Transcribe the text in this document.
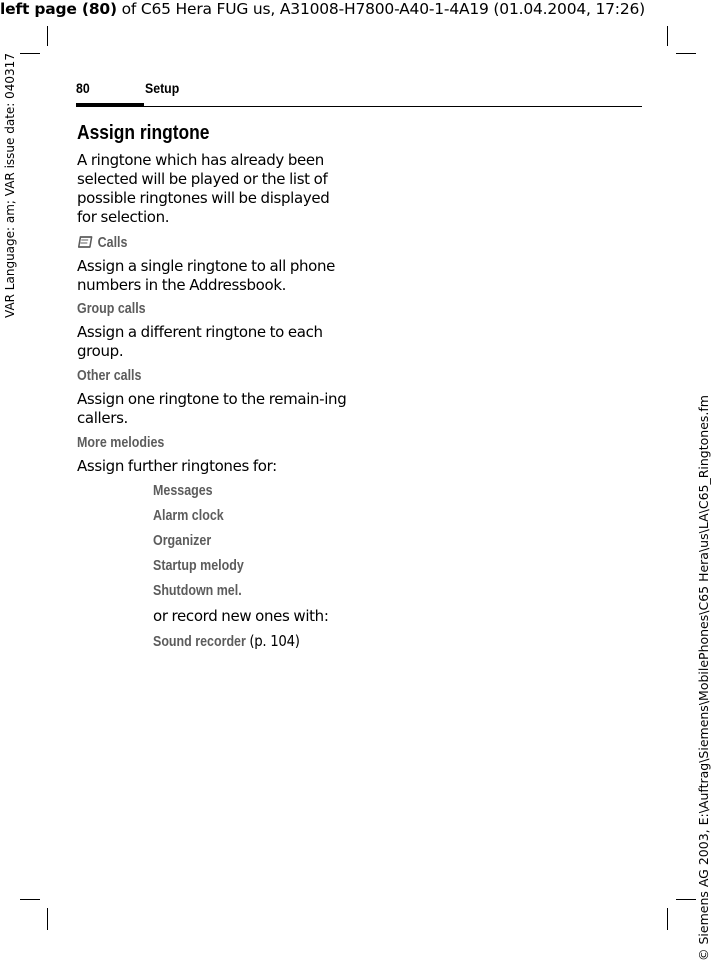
left page (80) of C65 Hera FUG us, A31008-H7800-A40-1-4A19 (01.04.2004, 17:26)
VAR Language: am; VAR issue date: 040317
© Siemens AG 2003, E:\Auftrag\Siemens\MobilePhones\C65 Hera\us\LA\C65_Ringtones.fm
80	Setup
Assign ringtone
A ringtone which has already been selected will be played or the list of possible ringtones will be displayed for selection.
Calls
Assign a single ringtone to all phone numbers in the Addressbook.
Group calls
Assign a different ringtone to each group.
Other calls
Assign one ringtone to the remain-ing callers.
More melodies
Assign further ringtones for:
Messages
Alarm clock
Organizer
Startup melody
Shutdown mel.
or record new ones with:
Sound recorder (p. 104)
